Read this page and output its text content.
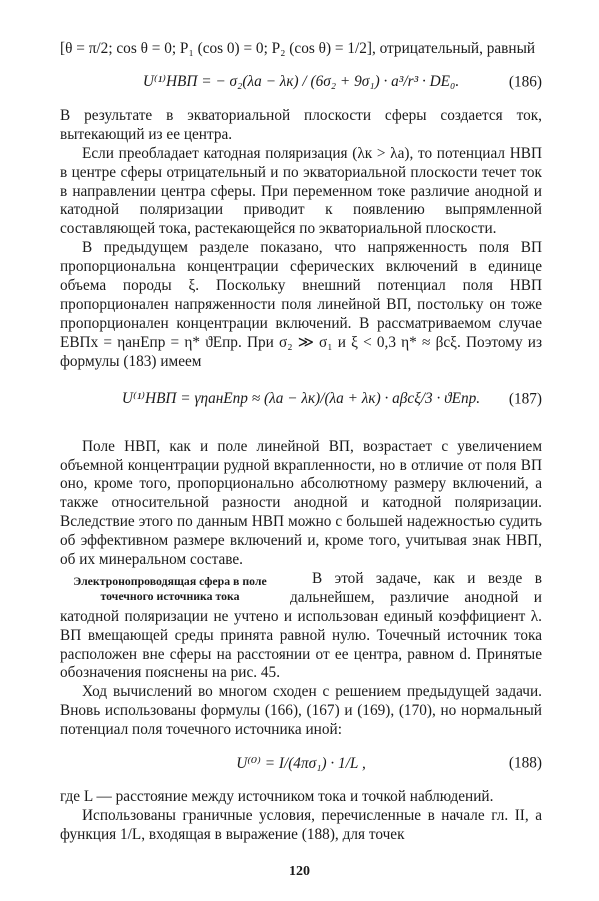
[θ = π/2; cos θ = 0; P₁ (cos 0) = 0; P₂ (cos θ) = 1/2], отрицательный, равный

U⁽¹⁾НВП = − σ₂(λа − λк) / (6σ₂ + 9σ₁) · a³/r³ · DE₀.	(186)

В результате в экваториальной плоскости сферы создается ток, вытекающий из ее центра.

Если преобладает катодная поляризация (λк > λа), то потенциал НВП в центре сферы отрицательный и по экваториальной плоскости течет ток в направлении центра сферы. При переменном токе различие анодной и катодной поляризации приводит к появлению выпрямленной составляющей тока, растекающейся по экваториальной плоскости.

В предыдущем разделе показано, что напряженность поля ВП пропорциональна концентрации сферических включений в единице объема породы ξ. Поскольку внешний потенциал поля НВП пропорционален напряженности поля линейной ВП, постольку он тоже пропорционален концентрации включений. В рассматриваемом случае EВПх = ηанEпр = η* ϑEпр. При σ₂ ≫ σ₁ и ξ < 0,3 η* ≈ βсξ. Поэтому из формулы (183) имеем

U⁽¹⁾НВП = γηанEпр ≈ (λа − λк)/(λа + λк) · aβсξ/3 · ϑEпр. (187)

Поле НВП, как и поле линейной ВП, возрастает с увеличением объемной концентрации рудной вкрапленности, но в отличие от поля ВП оно, кроме того, пропорционально абсолютному размеру включений, а также относительной разности анодной и катодной поляризации. Вследствие этого по данным НВП можно с большей надежностью судить об эффективном размере включений и, кроме того, учитывая знак НВП, об их минеральном составе.

Электронопроводящая сфера в поле точечного источника тока

В этой задаче, как и везде в дальнейшем, различие анодной и катодной поляризации не учтено и использован единый коэффициент λ. ВП вмещающей среды принята равной нулю. Точечный источник тока расположен вне сферы на расстоянии от ее центра, равном d. Принятые обозначения пояснены на рис. 45.

Ход вычислений во многом сходен с решением предыдущей задачи. Вновь использованы формулы (166), (167) и (169), (170), но нормальный потенциал поля точечного источника иной:

U⁽⁰⁾ = I/(4πσ₁) · 1/L ,	(188)

где L — расстояние между источником тока и точкой наблюдений.

Использованы граничные условия, перечисленные в начале гл. II, а функция 1/L, входящая в выражение (188), для точек

120
